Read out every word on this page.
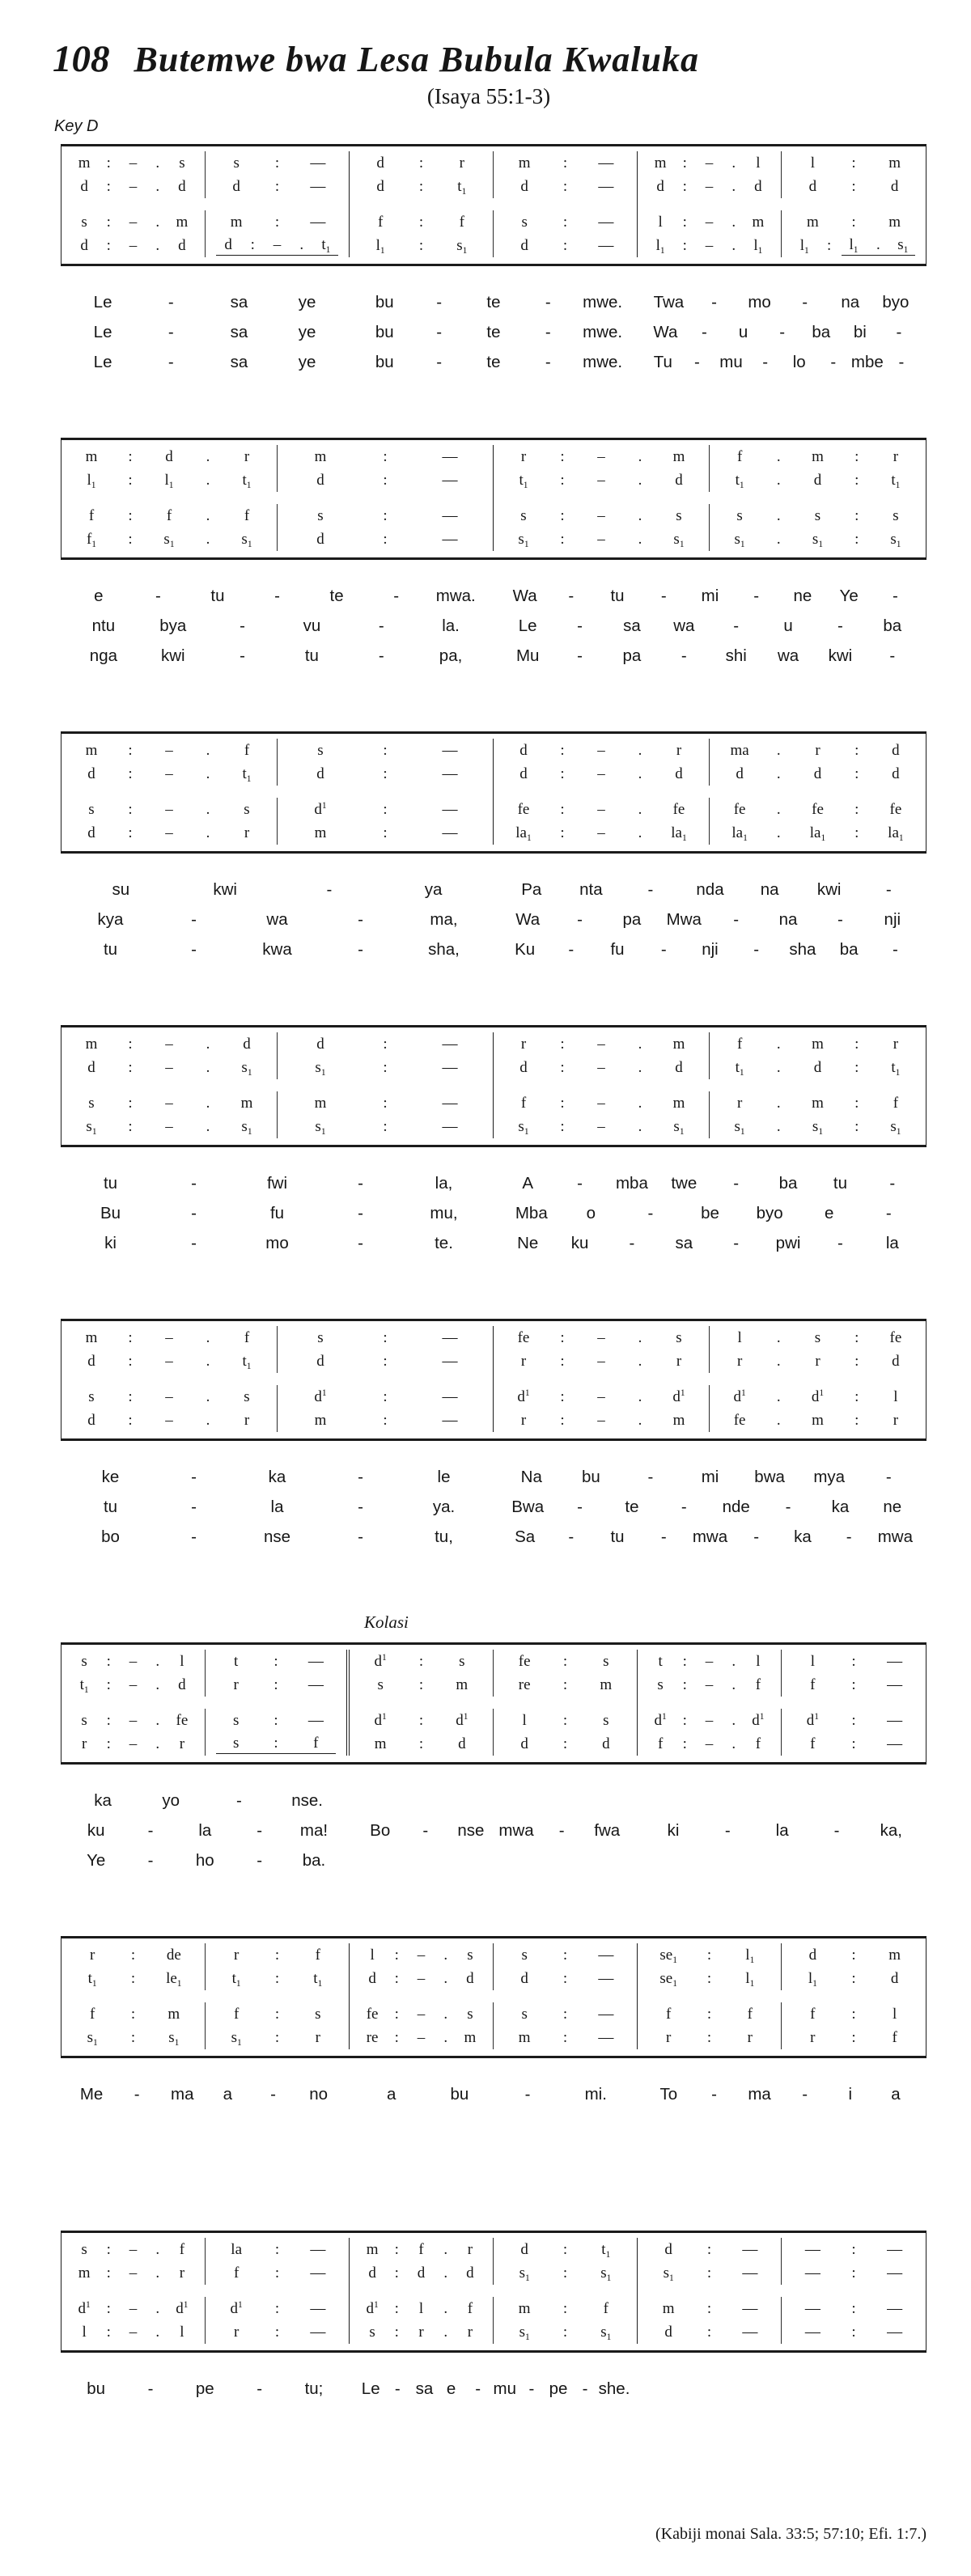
108 Butemwe bwa Lesa Bubula Kwaluka
(Isaya 55:1-3)
Key D
m	:	–	.	s	s	:	—	d	:	r	m	:	—	m	:	–	.	l	l	:	m
d	:	–	.	d	d	:	—	d	:	$t_1$	d	:	—	d	:	–	.	d	d	:	d
s	:	–	.	m	m	:	—	f	:	f	s	:	—	l	:	–	.	m	m	:	m
d	:	–	.	d	d	:	–	.	$t_1$	$l_1$	:	$s_1$	d	:	—	$l_1$	:	–	.	$l_1$	$l_1$	:	$l_1$	.	$s_1$
Le	-	sa	ye	bu	-	te	-	mwe.	Twa	-	mo	-	na	byo
Le	-	sa	ye	bu	-	te	-	mwe.	Wa	-	u	-	ba	bi	-
Le	-	sa	ye	bu	-	te	-	mwe.	Tu	-	mu	-	lo	- mbe -
m	:	d	.	r	m	:	—	r	:	–	.	m	f	.	m	:	r
$l_1$	:	$l_1$	.	$t_1$	d	:	—	$t_1$	:	–	.	d	$t_1$	.	d	:	$t_1$
f	:	f	.	f	s	:	—	s	:	–	.	s	s	.	s	:	s
$f_1$	:	$s_1$	.	$s_1$	d	:	—	$s_1$	:	–	.	$s_1$	$s_1$	.	$s_1$	:	$s_1$
e	-	tu	-	te	-	mwa.	Wa	-	tu	-	mi	-	ne	Ye	-
ntu	bya	-	vu	-	la.	Le	-	sa	wa	-	u	-	ba
nga	kwi	-	tu	-	pa,	Mu	-	pa	-	shi	wa	kwi	-
m	:	–	.	f	s	:	—	d	:	–	.	r	ma	.	r	:	d
d	:	–	.	$t_1$	d	:	—	d	:	–	.	d	d	.	d	:	d
s	:	–	.	s	$d^1$	:	—	fe	:	–	.	fe	fe	.	fe	:	fe
d	:	–	.	r	m	:	—	$la_1$	:	–	.	$la_1$	$la_1$	.	$la_1$	:	$la_1$
su	kwi	-	ya	Pa	nta	-	nda	na	kwi	-
kya	-	wa	-	ma,	Wa	-	pa	Mwa	-	na	-	nji
tu	-	kwa	-	sha,	Ku	-	fu	-	nji	-	sha	ba	-
m	:	–	.	d	d	:	—	r	:	–	.	m	f	.	m	:	r
d	:	–	.	$s_1$	$s_1$	:	—	d	:	–	.	d	$t_1$	.	d	:	$t_1$
s	:	–	.	m	m	:	—	f	:	–	.	m	r	.	m	:	f
$s_1$	:	–	.	$s_1$	$s_1$	:	—	$s_1$	:	–	.	$s_1$	$s_1$	.	$s_1$	:	$s_1$
tu	-	fwi	-	la,	A	-	mba	twe	-	ba	tu	-
Bu	-	fu	-	mu,	Mba	o	-	be	byo	e	-
ki	-	mo	-	te.	Ne	ku	-	sa	-	pwi	-	la
m	:	–	.	f	s	:	—	fe	:	–	.	s	l	.	s	:	fe
d	:	–	.	$t_1$	d	:	—	r	:	–	.	r	r	.	r	:	d
s	:	–	.	s	$d^1$	:	—	$d^1$	:	–	.	$d^1$	$d^1$	.	$d^1$	:	l
d	:	–	.	r	m	:	—	r	:	–	.	m	fe	.	m	:	r
ke	-	ka	-	le	Na	bu	-	mi	bwa	mya	-
tu	-	la	-	ya.	Bwa	-	te	-	nde	-	ka	ne
bo	-	nse	-	tu,	Sa	-	tu	-	mwa	-	ka	-	mwa
Kolasi
s	:	–	.	l	t	:	—	$d^1$	:	s	fe	:	s	t	:	–	.	l	l	:	—
$t_1$	:	–	.	d	r	:	—	s	:	m	re	:	m	s	:	–	.	f	f	:	—
s	:	–	.	fe	s	:	—	$d^1$	:	$d^1$	l	:	s	$d^1$	:	–	.	$d^1$	$d^1$	:	—
r	:	–	.	r	s	:	f	m	:	d	d	:	d	f	:	–	.	f	f	:	—
ka	yo	-	nse.
ku	-	la	-	ma!	Bo	-	nse mwa	-	fwa	ki	-	la	-	ka,
Ye	-	ho	-	ba.
r	:	de	r	:	f	l	:	–	.	s	s	:	—	$se_1$	:	$l_1$	d	:	m
$t_1$	:	$le_1$	$t_1$	:	$t_1$	d	:	–	.	d	d	:	—	$se_1$	:	$l_1$	$l_1$	:	d
f	:	m	f	:	s	fe	:	–	.	s	s	:	—	f	:	f	f	:	l
$s_1$	:	$s_1$	$s_1$	:	r	re	:	–	.	m	m	:	—	r	:	r	r	:	f
Me	-	ma	a	-	no	a	bu	-	mi.	To	-	ma	-	i	a
s	:	–	.	f	la	:	—	m	:	f	.	r	d	:	$t_1$	d	:	—	—	:	—
m	:	–	.	r	f	:	—	d	:	d	.	d	$s_1$	:	$s_1$	$s_1$	:	—	—	:	—
$d^1$	:	–	.	$d^1$	$d^1$	:	—	$d^1$	:	l	.	f	m	:	f	m	:	—	—	:	—
l	:	–	.	l	r	:	—	s	:	r	.	r	$s_1$	:	$s_1$	d	:	—	—	:	—
bu	-	pe	-	tu;	Le - sa e	- mu - pe - she.
(Kabiji monai Sala. 33:5; 57:10; Efi. 1:7.)
